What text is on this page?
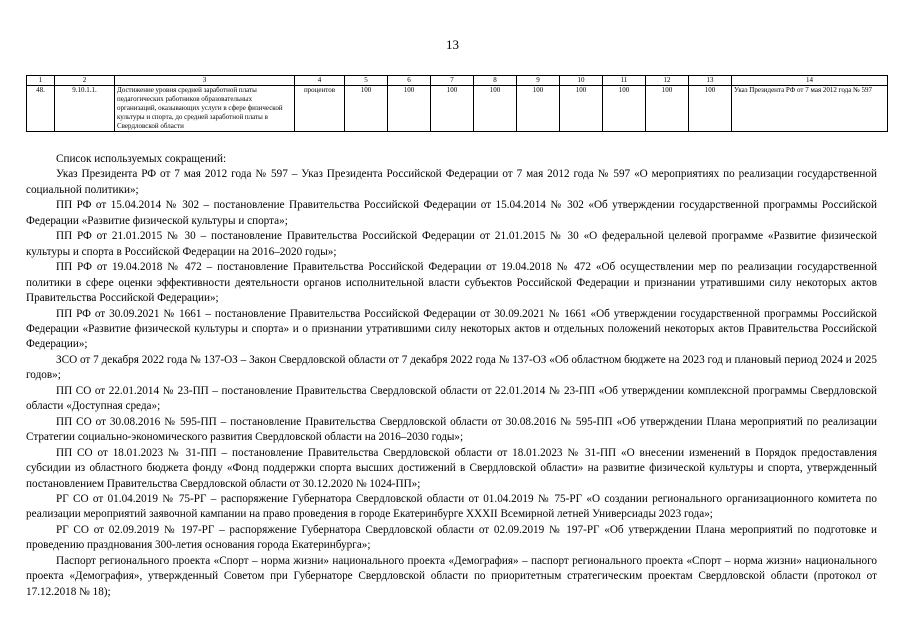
13
1	2	3	4	5	6	7	8	9	10	11	12	13	14
48.	9.10.1.1.	Достижение уровня средней заработной платы педагогических работников образовательных организаций, оказывающих услуги в сфере физической культуры и спорта, до средней заработной платы в Свердловской области	процентов	100	100	100	100	100	100	100	100	100	Указ Президента РФ от 7 мая 2012 года № 597

Список используемых сокращений:

Указ Президента РФ от 7 мая 2012 года № 597 – Указ Президента Российской Федерации от 7 мая 2012 года № 597 «О мероприятиях по реализации государственной социальной политики»;

ПП РФ от 15.04.2014 № 302 – постановление Правительства Российской Федерации от 15.04.2014 № 302 «Об утверждении государственной программы Российской Федерации «Развитие физической культуры и спорта»;

ПП РФ от 21.01.2015 № 30 – постановление Правительства Российской Федерации от 21.01.2015 № 30 «О федеральной целевой программе «Развитие физической культуры и спорта в Российской Федерации на 2016–2020 годы»;

ПП РФ от 19.04.2018 № 472 – постановление Правительства Российской Федерации от 19.04.2018 № 472 «Об осуществлении мер по реализации государственной политики в сфере оценки эффективности деятельности органов исполнительной власти субъектов Российской Федерации и признании утратившими силу некоторых актов Правительства Российской Федерации»;

ПП РФ от 30.09.2021 № 1661 – постановление Правительства Российской Федерации от 30.09.2021 № 1661 «Об утверждении государственной программы Российской Федерации «Развитие физической культуры и спорта» и о признании утратившими силу некоторых актов и отдельных положений некоторых актов Правительства Российской Федерации»;

ЗСО от 7 декабря 2022 года № 137-ОЗ – Закон Свердловской области от 7 декабря 2022 года № 137-ОЗ «Об областном бюджете на 2023 год и плановый период 2024 и 2025 годов»;

ПП СО от 22.01.2014 № 23-ПП – постановление Правительства Свердловской области от 22.01.2014 № 23-ПП «Об утверждении комплексной программы Свердловской области «Доступная среда»;

ПП СО от 30.08.2016 № 595-ПП – постановление Правительства Свердловской области от 30.08.2016 № 595-ПП «Об утверждении Плана мероприятий по реализации Стратегии социально-экономического развития Свердловской области на 2016–2030 годы»;

ПП СО от 18.01.2023 № 31-ПП – постановление Правительства Свердловской области от 18.01.2023 № 31-ПП «О внесении изменений в Порядок предоставления субсидии из областного бюджета фонду «Фонд поддержки спорта высших достижений в Свердловской области» на развитие физической культуры и спорта, утвержденный постановлением Правительства Свердловской области от 30.12.2020 № 1024-ПП»;

РГ СО от 01.04.2019 № 75-РГ – распоряжение Губернатора Свердловской области от 01.04.2019 № 75-РГ «О создании регионального организационного комитета по реализации мероприятий заявочной кампании на право проведения в городе Екатеринбурге XXXII Всемирной летней Универсиады 2023 года»;

РГ СО от 02.09.2019 № 197-РГ – распоряжение Губернатора Свердловской области от 02.09.2019 № 197-РГ «Об утверждении Плана мероприятий по подготовке и проведению празднования 300-летия основания города Екатеринбурга»;

Паспорт регионального проекта «Спорт – норма жизни» национального проекта «Демография» – паспорт регионального проекта «Спорт – норма жизни» национального проекта «Демография», утвержденный Советом при Губернаторе Свердловской области по приоритетным стратегическим проектам Свердловской области (протокол от 17.12.2018 № 18);
